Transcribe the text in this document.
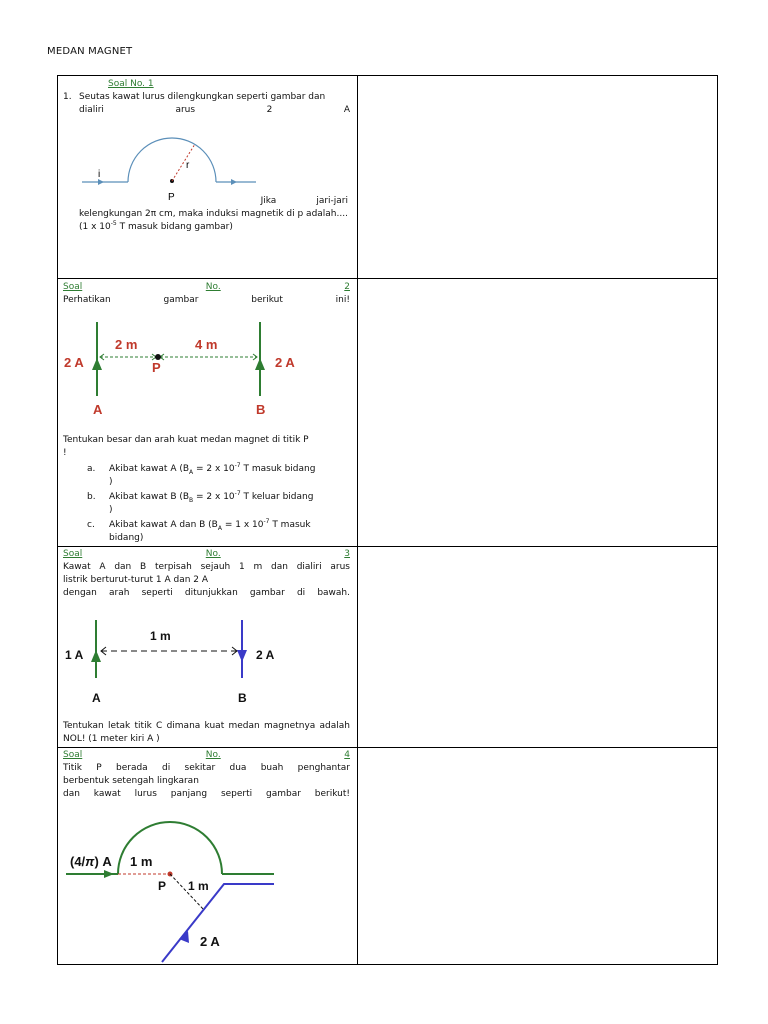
MEDAN MAGNET
Soal No. 1
1. Seutas kawat lurus dilengkungkan seperti gambar dan
dialiri	arus	2	A
i
r
P	Jika	jari-jari
kelengkungan 2π cm, maka induksi magnetik di p adalah....
(1 x $10^{-5}$ T masuk bidang gambar)
Soal	No.	2
Perhatikan	gambar	berikut	ini!
2 m	4 m
2 A	2 A
P
A	B
Tentukan besar dan arah kuat medan magnet di titik P
!
a.	Akibat kawat A ($B_A = 2$ x $10^{-7}$ T masuk bidang
)
b.	Akibat kawat B ($B_B = 2$ x $10^{-7}$ T keluar bidang
)
c.	Akibat kawat A dan B ($B_A = 1$ x $10^{-7}$ T masuk
bidang)
Soal	No.	3
Kawat A dan B terpisah sejauh 1 m dan dialiri arus
listrik berturut-turut 1 A dan 2 A
dengan arah seperti ditunjukkan gambar di bawah.
1 m
1 A	2 A
A	B
Tentukan letak titik C dimana kuat medan magnetnya adalah
NOL! (1 meter kiri A )
Soal	No.	4
Titik P berada di sekitar dua buah penghantar
berbentuk setengah lingkaran
dan kawat lurus panjang seperti gambar berikut!
(4/π) A 1 m
P 1 m
2 A
